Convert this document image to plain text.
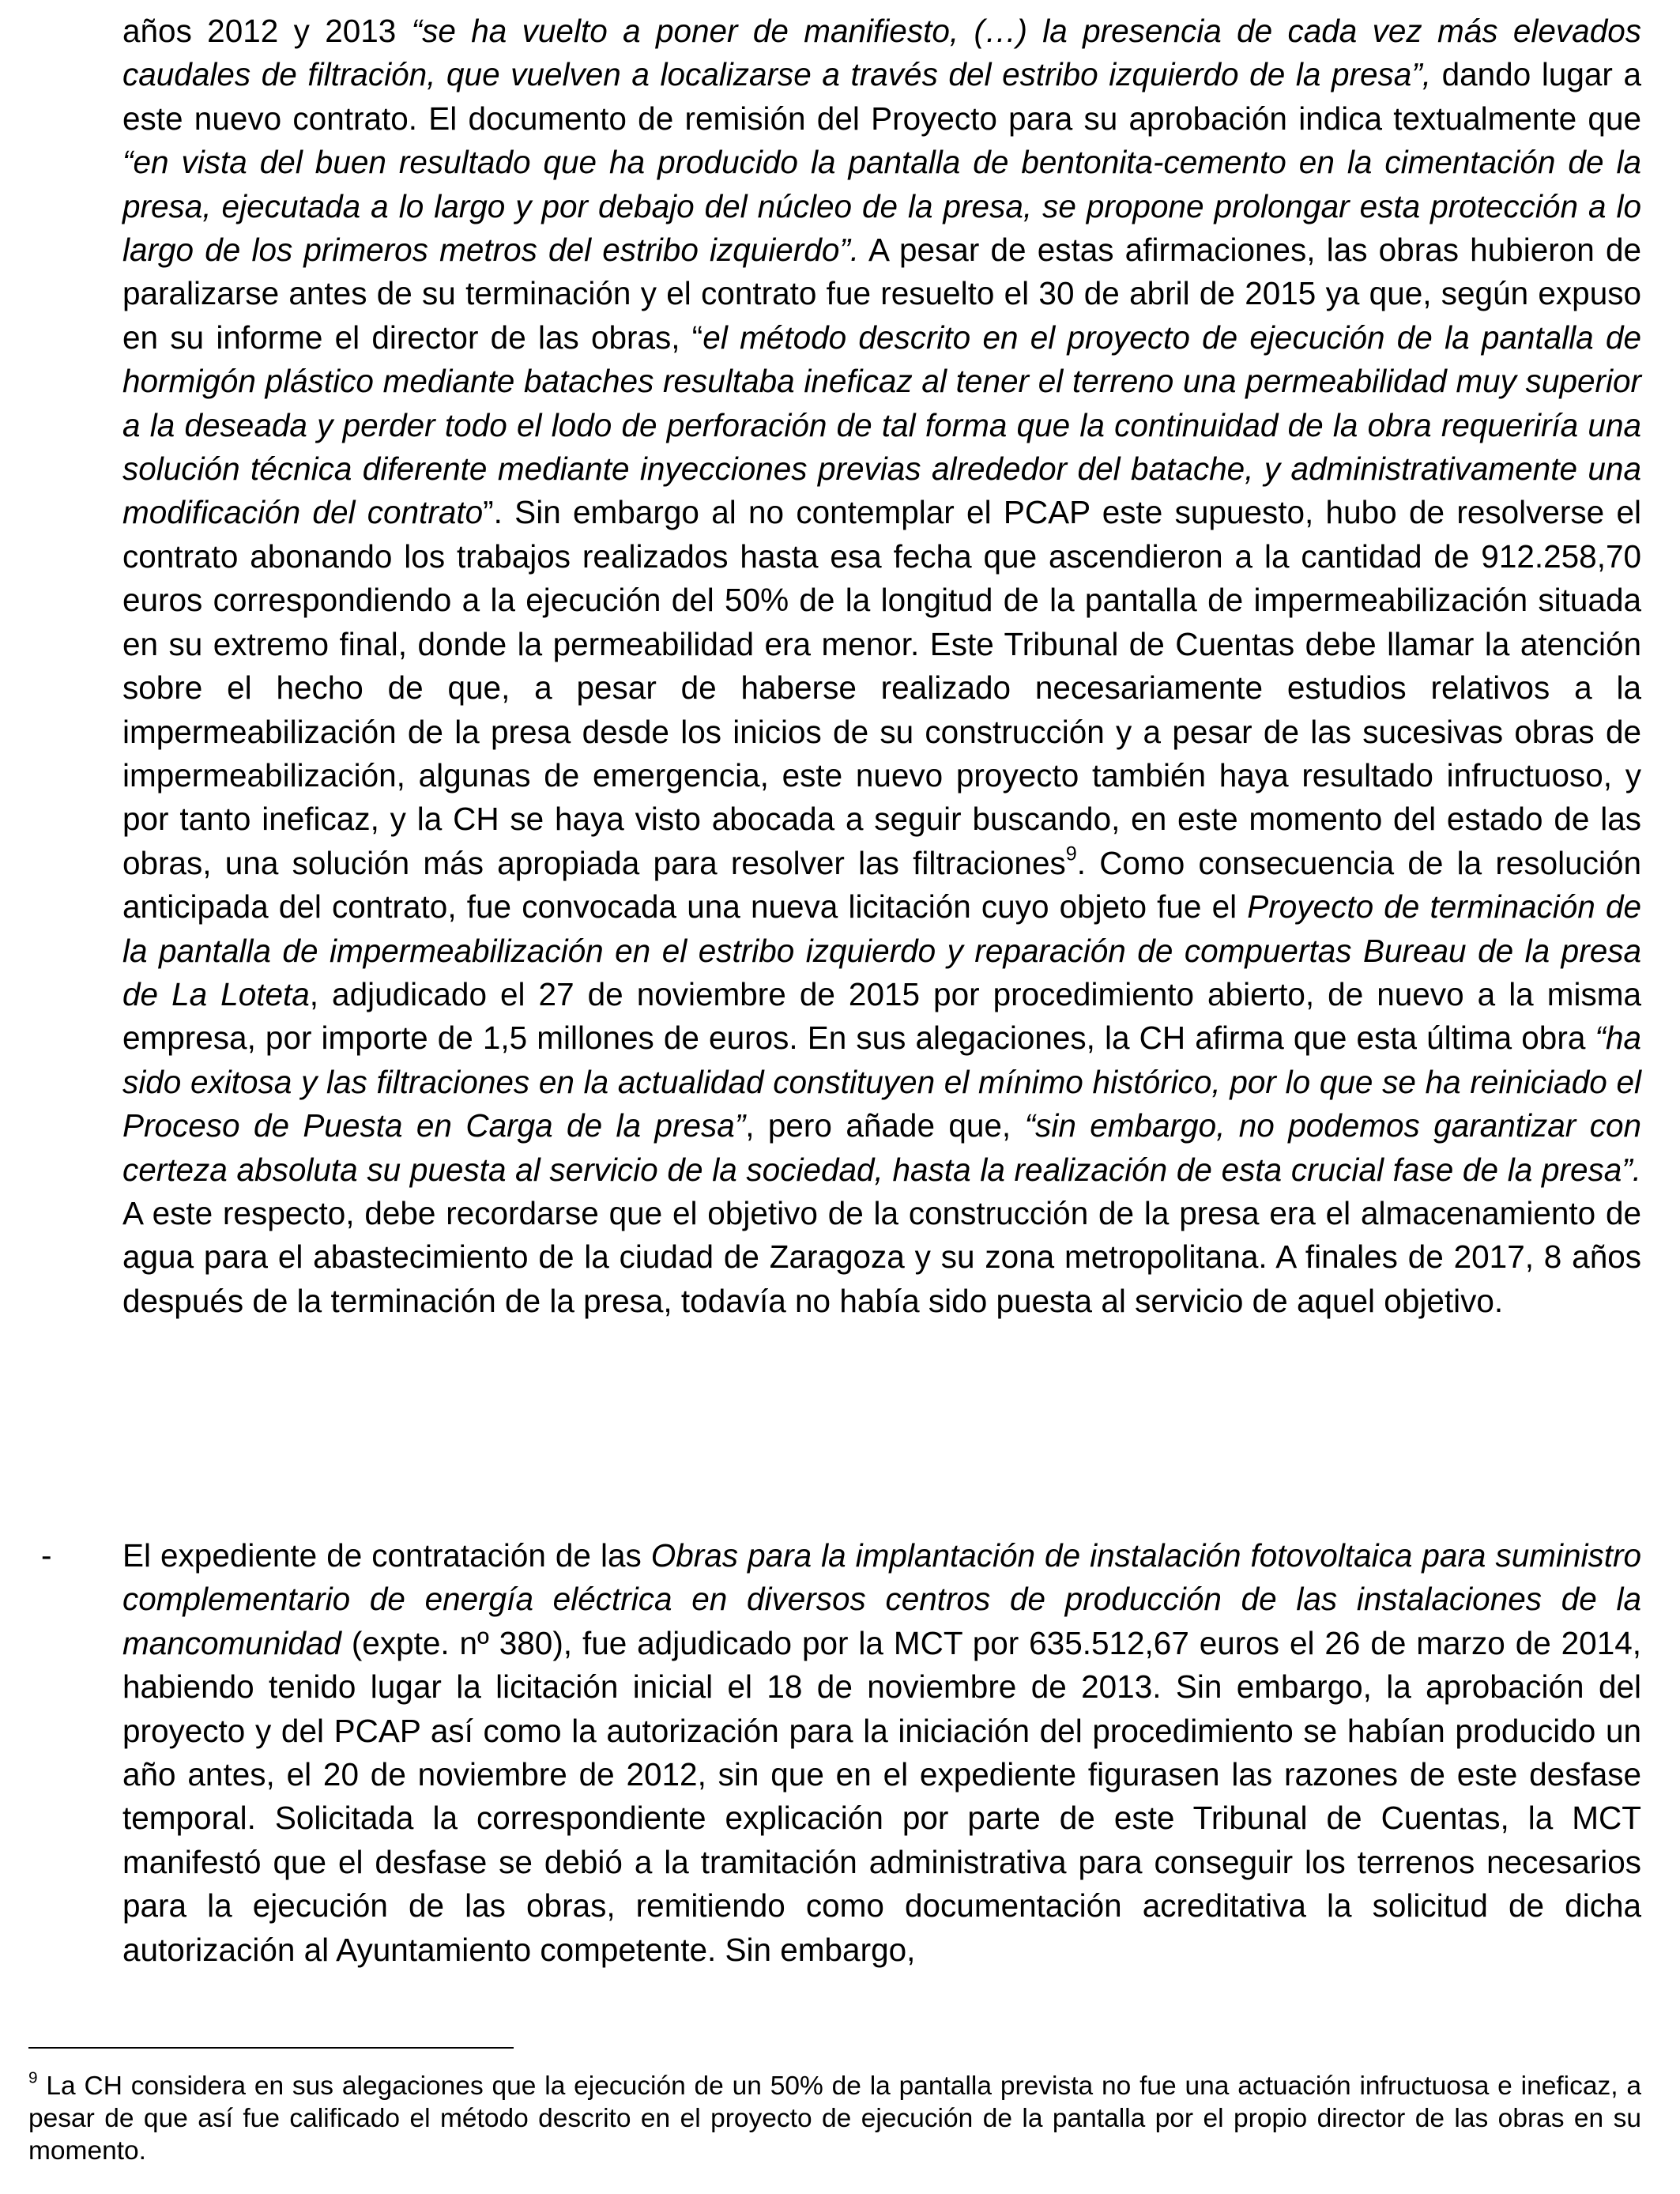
años 2012 y 2013 “se ha vuelto a poner de manifiesto, (…) la presencia de cada vez más elevados caudales de filtración, que vuelven a localizarse a través del estribo izquierdo de la presa”, dando lugar a este nuevo contrato. El documento de remisión del Proyecto para su aprobación indica textualmente que “en vista del buen resultado que ha producido la pantalla de bentonita-cemento en la cimentación de la presa, ejecutada a lo largo y por debajo del núcleo de la presa, se propone prolongar esta protección a lo largo de los primeros metros del estribo izquierdo”. A pesar de estas afirmaciones, las obras hubieron de paralizarse antes de su terminación y el contrato fue resuelto el 30 de abril de 2015 ya que, según expuso en su informe el director de las obras, “el método descrito en el proyecto de ejecución de la pantalla de hormigón plástico mediante bataches resultaba ineficaz al tener el terreno una permeabilidad muy superior a la deseada y perder todo el lodo de perforación de tal forma que la continuidad de la obra requeriría una solución técnica diferente mediante inyecciones previas alrededor del batache, y administrativamente una modificación del contrato”. Sin embargo al no contemplar el PCAP este supuesto, hubo de resolverse el contrato abonando los trabajos realizados hasta esa fecha que ascendieron a la cantidad de 912.258,70 euros correspondiendo a la ejecución del 50% de la longitud de la pantalla de impermeabilización situada en su extremo final, donde la permeabilidad era menor. Este Tribunal de Cuentas debe llamar la atención sobre el hecho de que, a pesar de haberse realizado necesariamente estudios relativos a la impermeabilización de la presa desde los inicios de su construcción y a pesar de las sucesivas obras de impermeabilización, algunas de emergencia, este nuevo proyecto también haya resultado infructuoso, y por tanto ineficaz, y la CH se haya visto abocada a seguir buscando, en este momento del estado de las obras, una solución más apropiada para resolver las filtraciones$^9$. Como consecuencia de la resolución anticipada del contrato, fue convocada una nueva licitación cuyo objeto fue el Proyecto de terminación de la pantalla de impermeabilización en el estribo izquierdo y reparación de compuertas Bureau de la presa de La Loteta, adjudicado el 27 de noviembre de 2015 por procedimiento abierto, de nuevo a la misma empresa, por importe de 1,5 millones de euros. En sus alegaciones, la CH afirma que esta última obra “ha sido exitosa y las filtraciones en la actualidad constituyen el mínimo histórico, por lo que se ha reiniciado el Proceso de Puesta en Carga de la presa”, pero añade que, “sin embargo, no podemos garantizar con certeza absoluta su puesta al servicio de la sociedad, hasta la realización de esta crucial fase de la presa”. A este respecto, debe recordarse que el objetivo de la construcción de la presa era el almacenamiento de agua para el abastecimiento de la ciudad de Zaragoza y su zona metropolitana. A finales de 2017, 8 años después de la terminación de la presa, todavía no había sido puesta al servicio de aquel objetivo.

- El expediente de contratación de las Obras para la implantación de instalación fotovoltaica para suministro complementario de energía eléctrica en diversos centros de producción de las instalaciones de la mancomunidad (expte. nº 380), fue adjudicado por la MCT por 635.512,67 euros el 26 de marzo de 2014, habiendo tenido lugar la licitación inicial el 18 de noviembre de 2013. Sin embargo, la aprobación del proyecto y del PCAP así como la autorización para la iniciación del procedimiento se habían producido un año antes, el 20 de noviembre de 2012, sin que en el expediente figurasen las razones de este desfase temporal. Solicitada la correspondiente explicación por parte de este Tribunal de Cuentas, la MCT manifestó que el desfase se debió a la tramitación administrativa para conseguir los terrenos necesarios para la ejecución de las obras, remitiendo como documentación acreditativa la solicitud de dicha autorización al Ayuntamiento competente. Sin embargo,

$^9$ La CH considera en sus alegaciones que la ejecución de un 50% de la pantalla prevista no fue una actuación infructuosa e ineficaz, a pesar de que así fue calificado el método descrito en el proyecto de ejecución de la pantalla por el propio director de las obras en su momento.
